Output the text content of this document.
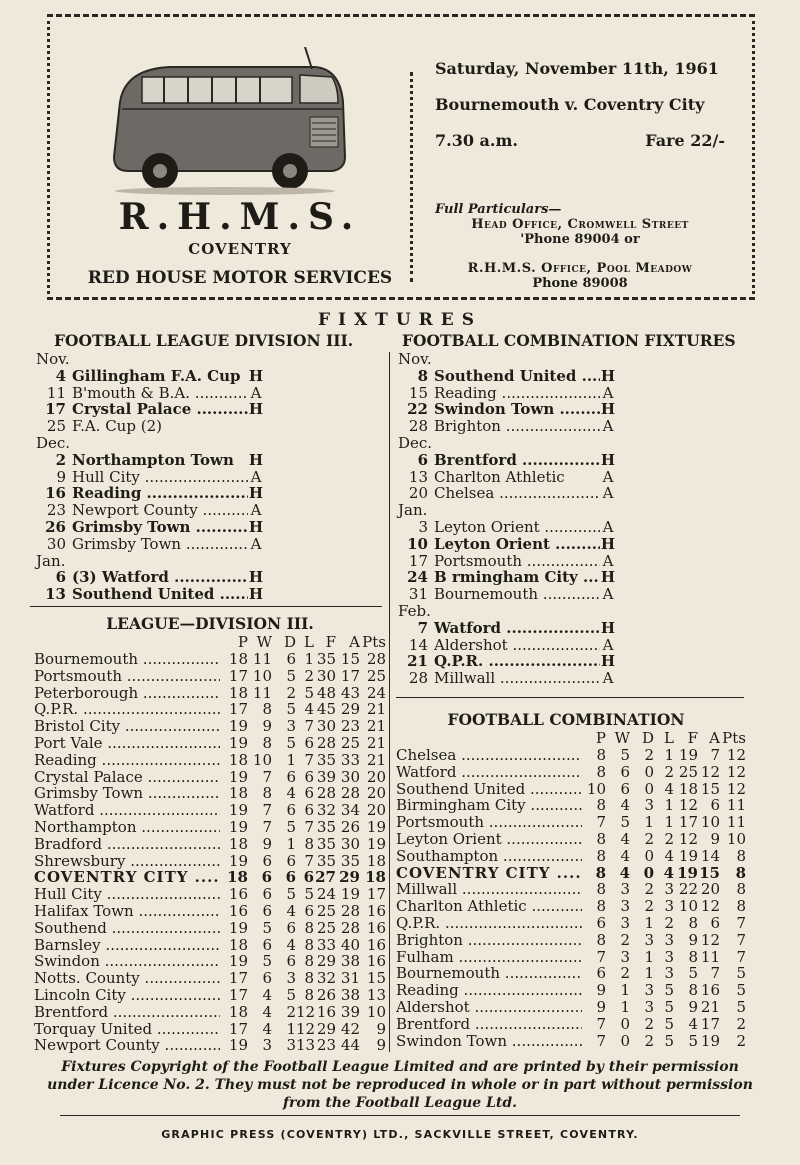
R.H.M.S.
COVENTRY
RED HOUSE MOTOR SERVICES
Saturday, November 11th, 1961
Bournemouth v. Coventry City
7.30 a.m.	Fare 22/-
Full Particulars—
Head Office, Cromwell Street
'Phone 89004 or
R.H.M.S. Office, Pool Meadow
Phone 89008
FIXTURES
FOOTBALL LEAGUE DIVISION III.
Nov.
4 Gillingham F.A. Cup H
11 B'mouth & B.A. .....	A
17 Crystal Palace .....	H
25 F.A. Cup (2)
Dec.
2 Northampton Town	H
9 Hull City .....	A
16 Reading .....	H
23 Newport County .....	A
26 Grimsby Town .....	H
30 Grimsby Town .....	A
Jan.
6 (3) Watford .....	H
13 Southend United .....	H
FOOTBALL COMBINATION FIXTURES
Nov.
8 Southend United .....	H
15 Reading .....	A
22 Swindon Town .....	H
28 Brighton .....	A
Dec.
6 Brentford .....	H
13 Charlton Athletic	A
20 Chelsea .....	A
Jan.
3 Leyton Orient .....	A
10 Leyton Orient .....	H
17 Portsmouth .....	A
24 B rmingham City .....	H
31 Bournemouth .....	A
Feb.
7 Watford .....	H
14 Aldershot .....	A
21 Q.P.R. .....	H
28 Millwall .....	A
LEAGUE—DIVISION III.
P W D L F A Pts
Bournemouth .....	18 11 6 1 35 15 28
Portsmouth .....	17 10 5 2 30 17 25
Peterborough .....	18 11 2 5 48 43 24
Q.P.R. .....	17 8 5 4 45 29 21
Bristol City .....	19 9 3 7 30 23 21
Port Vale .....	19 8 5 6 28 25 21
Reading .....	18 10 1 7 35 33 21
Crystal Palace .....	19 7 6 6 39 30 20
Grimsby Town .....	18 8 4 6 28 28 20
Watford .....	19 7 6 6 32 34 20
Northampton .....	19 7 5 7 35 26 19
Bradford .....	18 9 1 8 35 30 19
Shrewsbury .....	19 6 6 7 35 35 18
COVENTRY CITY .....	18 6 6 6 27 29 18
Hull City .....	16 6 5 5 24 19 17
Halifax Town .....	16 6 4 6 25 28 16
Southend .....	19 5 6 8 25 28 16
Barnsley .....	18 6 4 8 33 40 16
Swindon .....	19 5 6 8 29 38 16
Notts. County .....	17 6 3 8 32 31 15
Lincoln City .....	17 4 5 8 26 38 13
Brentford .....	18 4 2 12 16 39 10
Torquay United .....	17 4 1 12 29 42	9
Newport County .....	19 3 3 13 23 44	9
FOOTBALL COMBINATION
P W D L F A Pts
Chelsea .....	8 5 2 1 19 7 12
Watford .....	8 6 0 2 25 12 12
Southend United .....	10 6 0 4 18 15 12
Birmingham City .....	8 4 3 1 12 6 11
Portsmouth .....	7 5 1 1 17 10 11
Leyton Orient .....	8 4 2 2 12 9 10
Southampton .....	8 4 0 4 19 14	8
COVENTRY CITY .....	8 4 0 4 19 15	8
Millwall .....	8 3 2 3 22 20	8
Charlton Athletic .....	8 3 2 3 10 12	8
Q.P.R. .....	6 3 1 2 8 6	7
Brighton .....	8 2 3 3 9 12	7
Fulham .....	7 3 1 3 8 11	7
Bournemouth .....	6 2 1 3 5 7	5
Reading .....	9 1 3 5 8 16	5
Aldershot .....	9 1 3 5 9 21	5
Brentford .....	7 0 2 5 4 17	2
Swindon Town .....	7 0 2 5 5 19	2
Fixtures Copyright of the Football League Limited and are printed by their permission under Licence No. 2. They must not be reproduced in whole or in part without permission from the Football League Ltd.
GRAPHIC PRESS (COVENTRY) LTD., SACKVILLE STREET, COVENTRY.
